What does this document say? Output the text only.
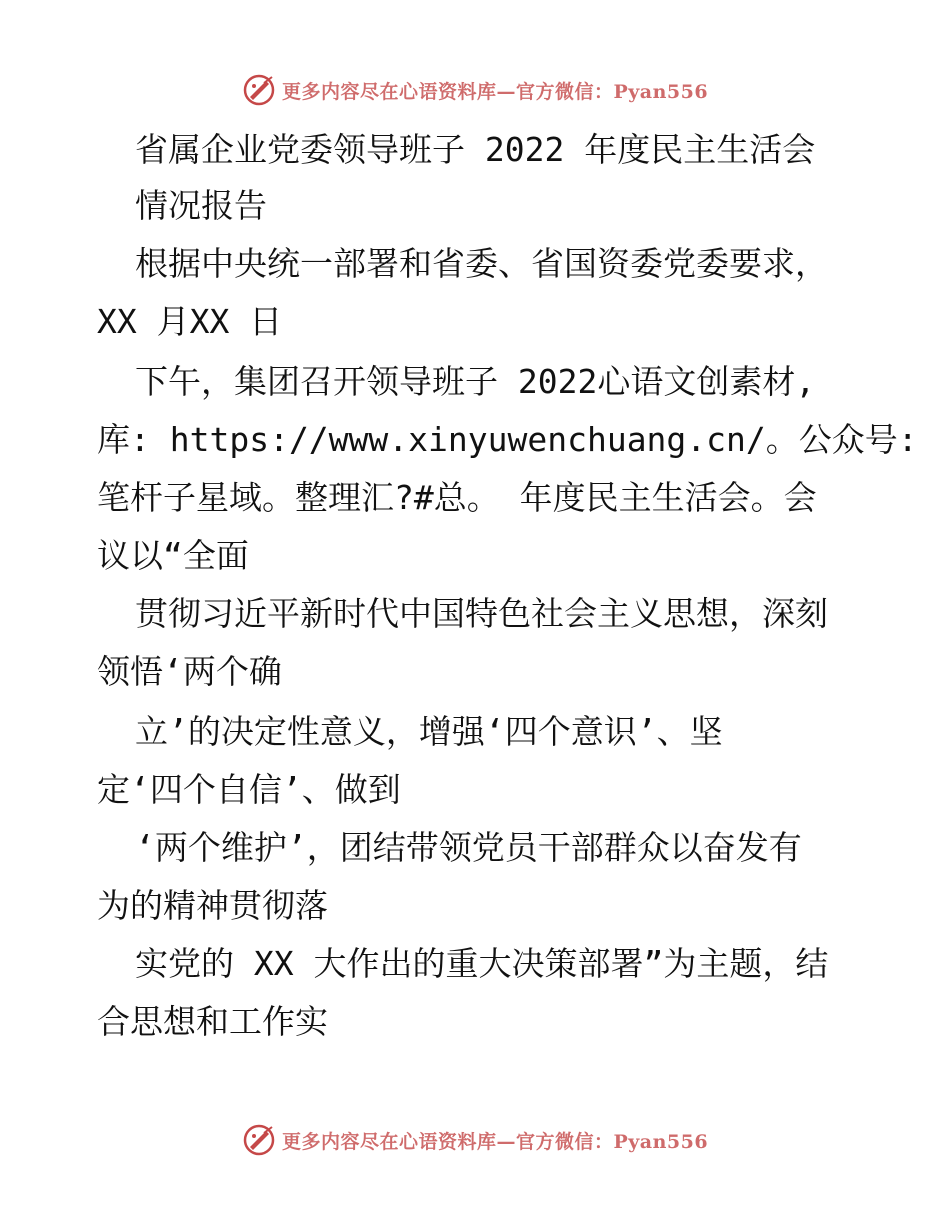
更多内容尽在心语资料库—官方微信：Pyan556
省属企业党委领导班子 2022 年度民主生活会
情况报告
根据中央统一部署和省委、省国资委党委要求，
XX 月XX 日
下午，集团召开领导班子 2022心语文创素材,
库: https://www.xinyuwenchuang.cn/。公众号:
笔杆子星域。整理汇?#总。 年度民主生活会。会
议以“全面
贯彻习近平新时代中国特色社会主义思想，深刻
领悟‘两个确
立’的决定性意义，增强‘四个意识’、坚
定‘四个自信’、做到
‘两个维护’，团结带领党员干部群众以奋发有
为的精神贯彻落
实党的 XX 大作出的重大决策部署”为主题，结
合思想和工作实
更多内容尽在心语资料库—官方微信：Pyan556
